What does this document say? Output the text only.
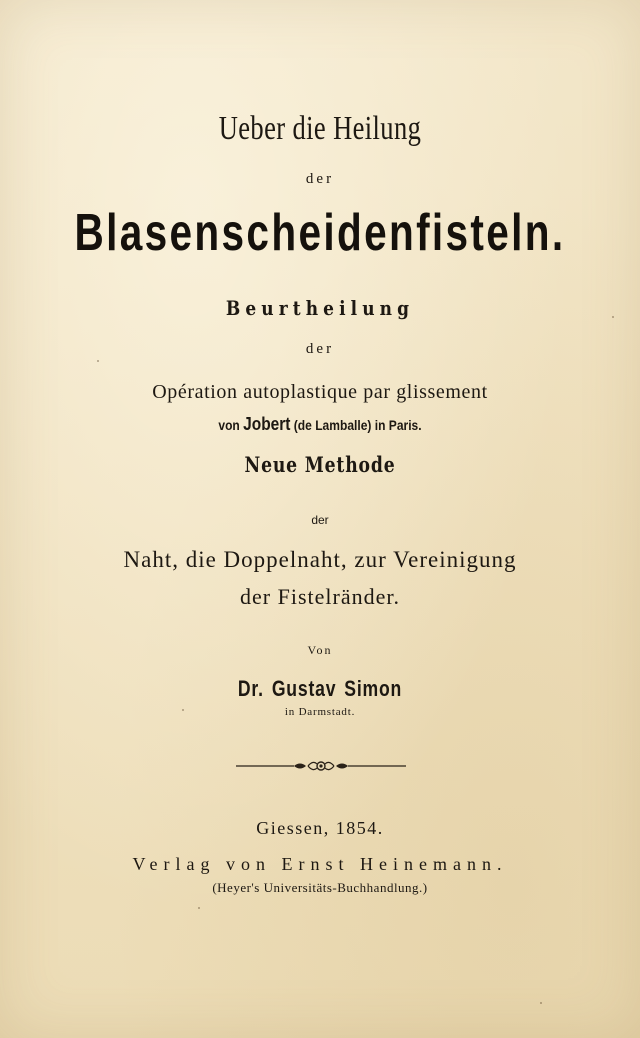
Ueber die Heilung
der
Blasenscheidenfisteln.
Beurtheilung
der
Opération autoplastique par glissement
von Jobert (de Lamballe) in Paris.
Neue Methode
der
Naht, die Doppelnaht, zur Vereinigung
der Fistelränder.
Von
Dr. Gustav Simon
in Darmstadt.
Giessen, 1854.
Verlag von Ernst Heinemann.
(Heyer's Universitäts-Buchhandlung.)
